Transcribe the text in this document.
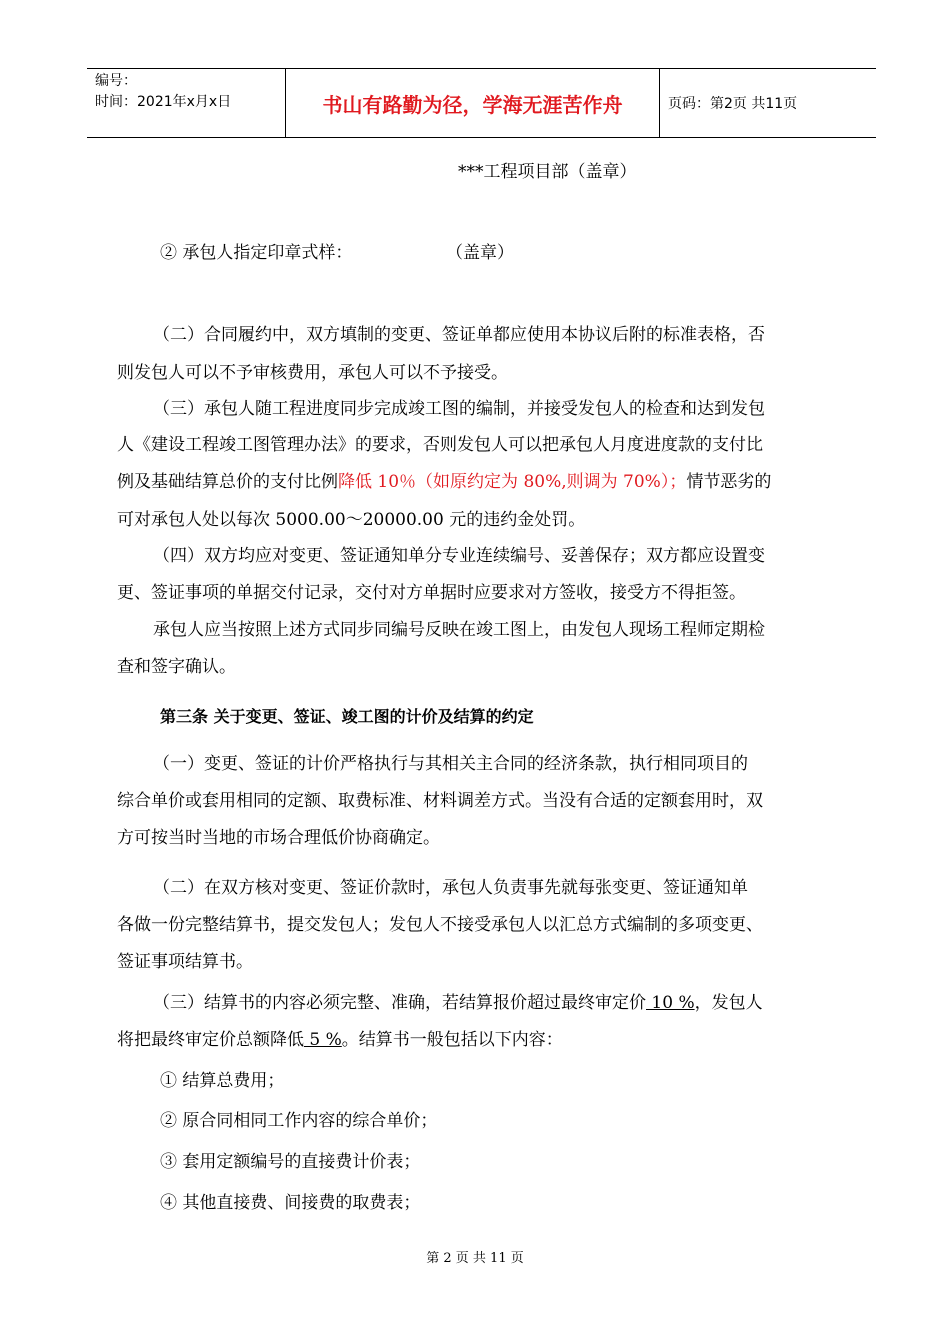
编号：
时间：2021年x月x日	书山有路勤为径，学海无涯苦作舟	页码：第2页 共11页
***工程项目部（盖章）
② 承包人指定印章式样：	（盖章）
（二）合同履约中，双方填制的变更、签证单都应使用本协议后附的标准表格，否
则发包人可以不予审核费用，承包人可以不予接受。
（三）承包人随工程进度同步完成竣工图的编制，并接受发包人的检查和达到发包
人《建设工程竣工图管理办法》的要求，否则发包人可以把承包人月度进度款的支付比
例及基础结算总价的支付比例降低 10％（如原约定为 80%,则调为 70%）；情节恶劣的
可对承包人处以每次 5000.00～20000.00 元的违约金处罚。
（四）双方均应对变更、签证通知单分专业连续编号、妥善保存；双方都应设置变
更、签证事项的单据交付记录，交付对方单据时应要求对方签收，接受方不得拒签。
承包人应当按照上述方式同步同编号反映在竣工图上，由发包人现场工程师定期检
查和签字确认。
第三条 关于变更、签证、竣工图的计价及结算的约定
（一）变更、签证的计价严格执行与其相关主合同的经济条款，执行相同项目的
综合单价或套用相同的定额、取费标准、材料调差方式。当没有合适的定额套用时，双
方可按当时当地的市场合理低价协商确定。
（二）在双方核对变更、签证价款时，承包人负责事先就每张变更、签证通知单
各做一份完整结算书，提交发包人；发包人不接受承包人以汇总方式编制的多项变更、
签证事项结算书。
（三）结算书的内容必须完整、准确，若结算报价超过最终审定价 10 %，发包人
将把最终审定价总额降低 5 %。结算书一般包括以下内容：
① 结算总费用；
② 原合同相同工作内容的综合单价；
③ 套用定额编号的直接费计价表；
④ 其他直接费、间接费的取费表；
第 2 页 共 11 页
